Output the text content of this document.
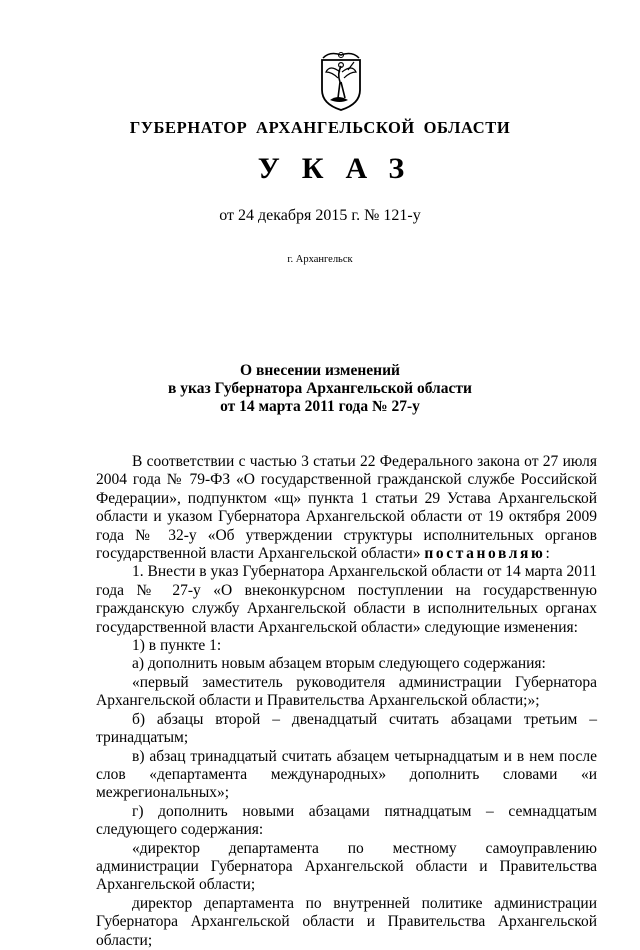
ГУБЕРНАТОР АРХАНГЕЛЬСКОЙ ОБЛАСТИ
УКАЗ
от 24 декабря 2015 г. № 121-у
г. Архангельск
О внесении изменений
в указ Губернатора Архангельской области
от 14 марта 2011 года № 27-у

В соответствии с частью 3 статьи 22 Федерального закона от 27 июля 2004 года № 79-ФЗ «О государственной гражданской службе Российской Федерации», подпунктом «щ» пункта 1 статьи 29 Устава Архангельской области и указом Губернатора Архангельской области от 19 октября 2009 года № 32-у «Об утверждении структуры исполнительных органов государственной власти Архангельской области» постановляю:

1. Внести в указ Губернатора Архангельской области от 14 марта 2011 года № 27-у «О внеконкурсном поступлении на государственную гражданскую службу Архангельской области в исполнительных органах государственной власти Архангельской области» следующие изменения:

1) в пункте 1:

а) дополнить новым абзацем вторым следующего содержания:

«первый заместитель руководителя администрации Губернатора Архангельской области и Правительства Архангельской области;»;

б) абзацы второй – двенадцатый считать абзацами третьим – тринадцатым;

в) абзац тринадцатый считать абзацем четырнадцатым и в нем после слов «департамента международных» дополнить словами «и межрегиональных»;

г) дополнить новыми абзацами пятнадцатым – семнадцатым следующего содержания:

«директор департамента по местному самоуправлению администрации Губернатора Архангельской области и Правительства Архангельской области;

директор департамента по внутренней политике администрации Губернатора Архангельской области и Правительства Архангельской области;
